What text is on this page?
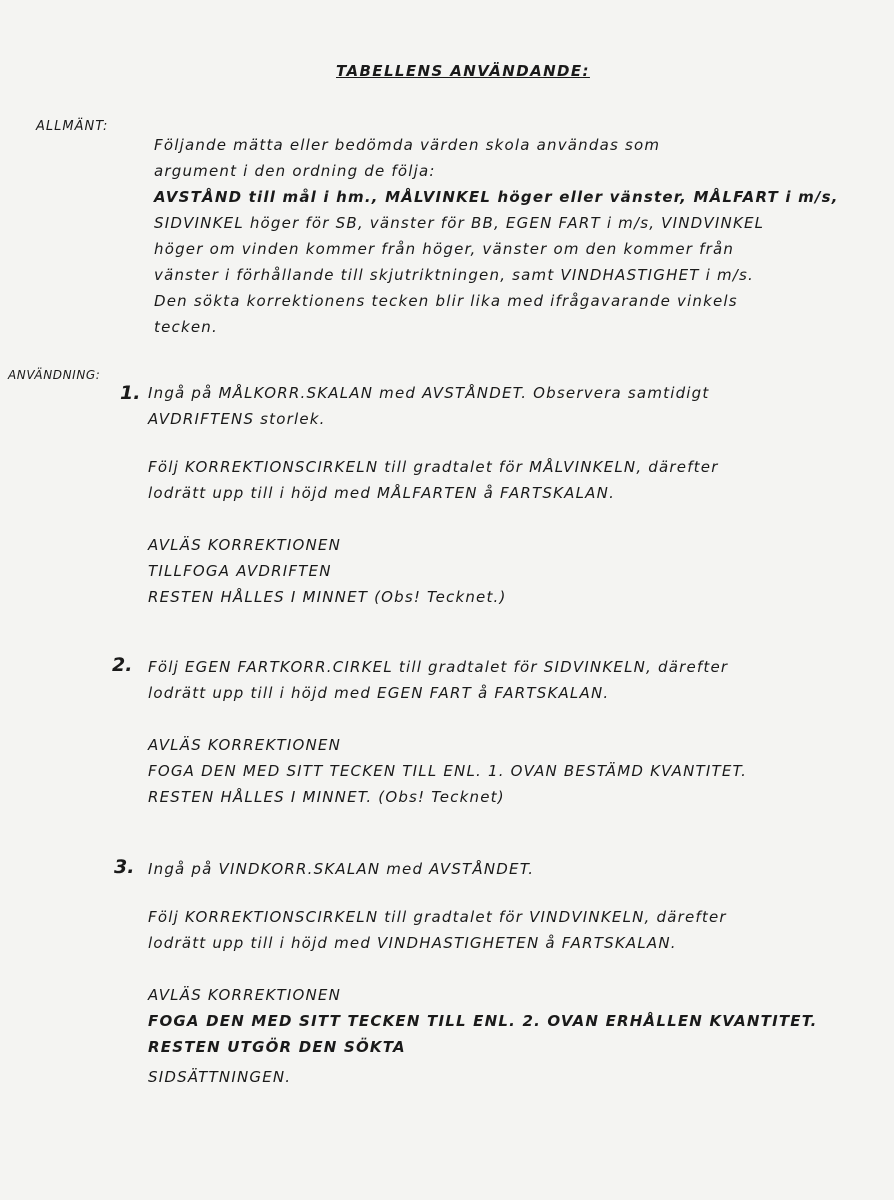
TABELLENS ANVÄNDANDE:
ALLMÄNT:
Följande mätta eller bedömda värden skola användas som
argument i den ordning de följa:
AVSTÅND till mål i hm., MÅLVINKEL höger eller vänster, MÅLFART i m/s,
SIDVINKEL höger för SB, vänster för BB, EGEN FART i m/s, VINDVINKEL
höger om vinden kommer från höger, vänster om den kommer från
vänster i förhållande till skjutriktningen, samt VINDHASTIGHET i m/s.
Den sökta korrektionens tecken blir lika med ifrågavarande vinkels
tecken.
ANVÄNDNING:
1. Ingå på MÅLKORR.SKALAN med AVSTÅNDET. Observera samtidigt
AVDRIFTENS storlek.
Följ KORREKTIONSCIRKELN till gradtalet för MÅLVINKELN, därefter
lodrätt upp till i höjd med MÅLFARTEN å FARTSKALAN.
AVLÄS KORREKTIONEN
TILLFOGA AVDRIFTEN
RESTEN HÅLLES I MINNET (Obs! Tecknet.)
2. Följ EGEN FARTKORR.CIRKEL till gradtalet för SIDVINKELN, därefter
lodrätt upp till i höjd med EGEN FART å FARTSKALAN.
AVLÄS KORREKTIONEN
FOGA DEN MED SITT TECKEN TILL ENL. 1. OVAN BESTÄMD KVANTITET.
RESTEN HÅLLES I MINNET. (Obs! Tecknet)
3. Ingå på VINDKORR.SKALAN med AVSTÅNDET.
Följ KORREKTIONSCIRKELN till gradtalet för VINDVINKELN, därefter
lodrätt upp till i höjd med VINDHASTIGHETEN å FARTSKALAN.
AVLÄS KORREKTIONEN
FOGA DEN MED SITT TECKEN TILL ENL. 2. OVAN ERHÅLLEN KVANTITET.
RESTEN UTGÖR DEN SÖKTA
SIDSÄTTNINGEN.
